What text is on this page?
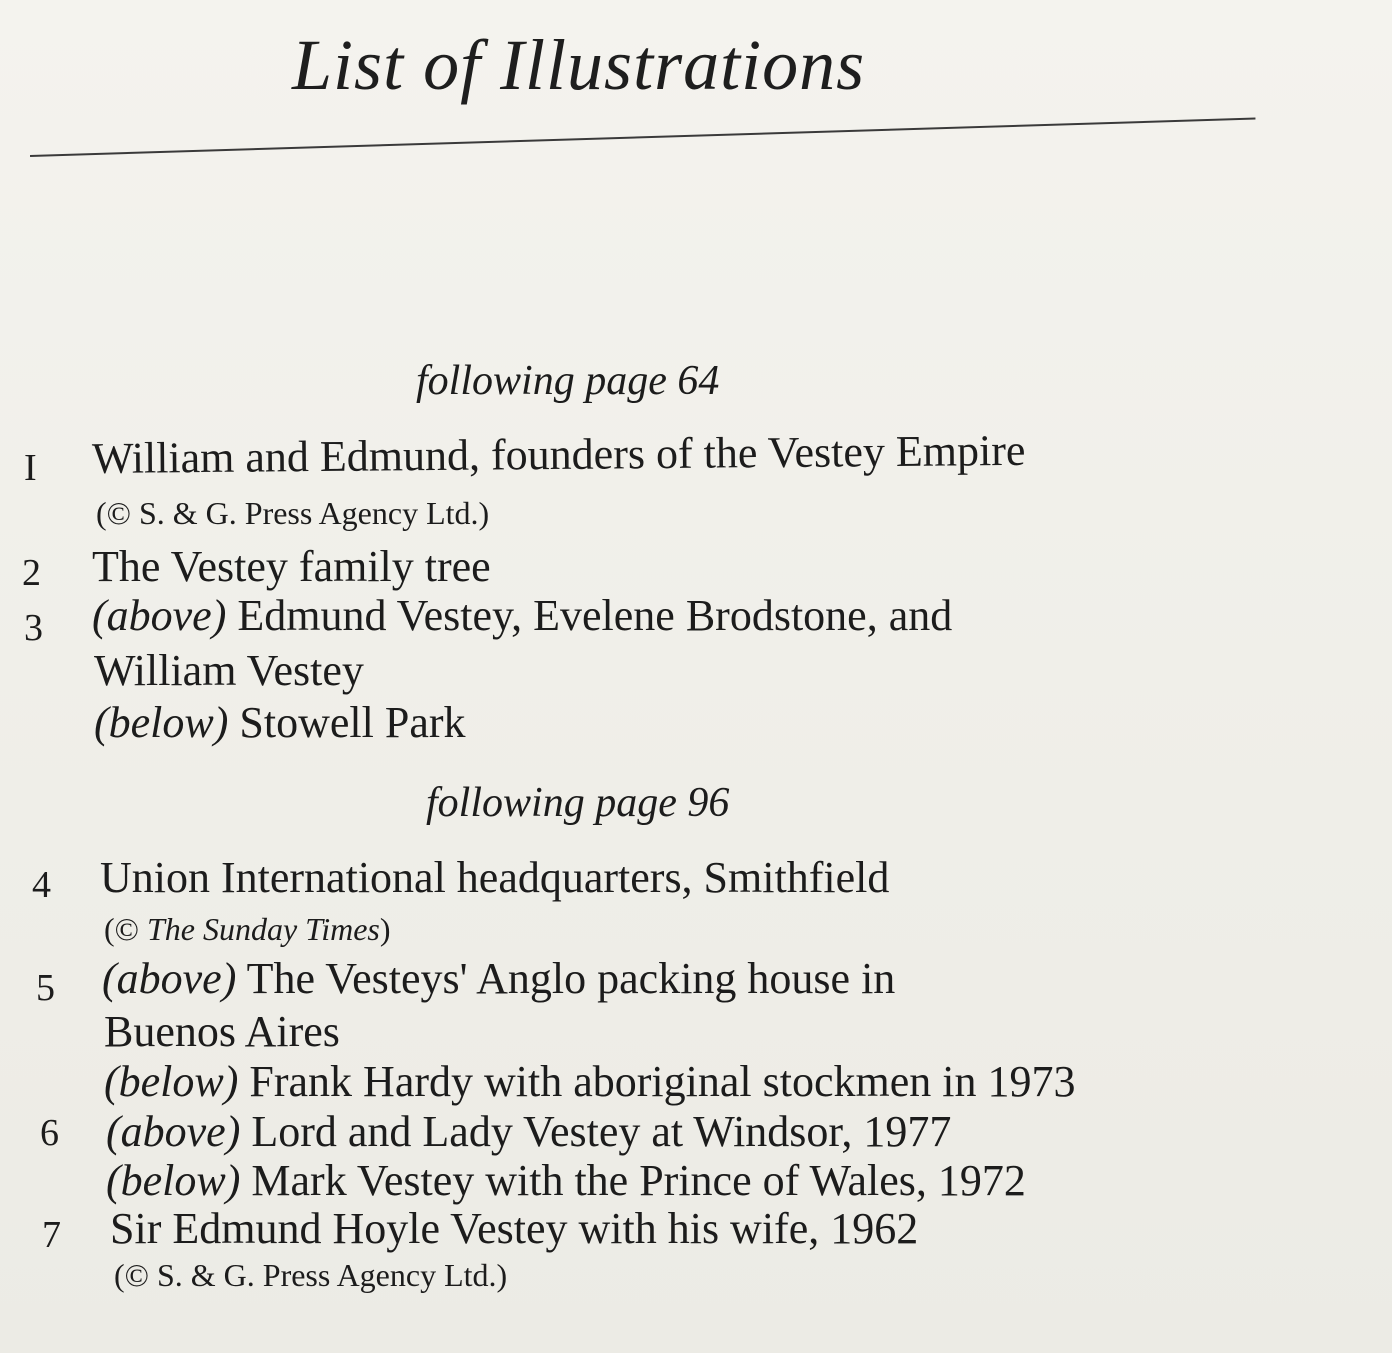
List of Illustrations
following page 64
I William and Edmund, founders of the Vestey Empire
(© S. & G. Press Agency Ltd.)
2 The Vestey family tree
3 (above) Edmund Vestey, Evelene Brodstone, and
William Vestey
(below) Stowell Park
following page 96
4 Union International headquarters, Smithfield
(© The Sunday Times)
5 (above) The Vesteys' Anglo packing house in
Buenos Aires
(below) Frank Hardy with aboriginal stockmen in 1973
6 (above) Lord and Lady Vestey at Windsor, 1977
(below) Mark Vestey with the Prince of Wales, 1972
7 Sir Edmund Hoyle Vestey with his wife, 1962
(© S. & G. Press Agency Ltd.)
